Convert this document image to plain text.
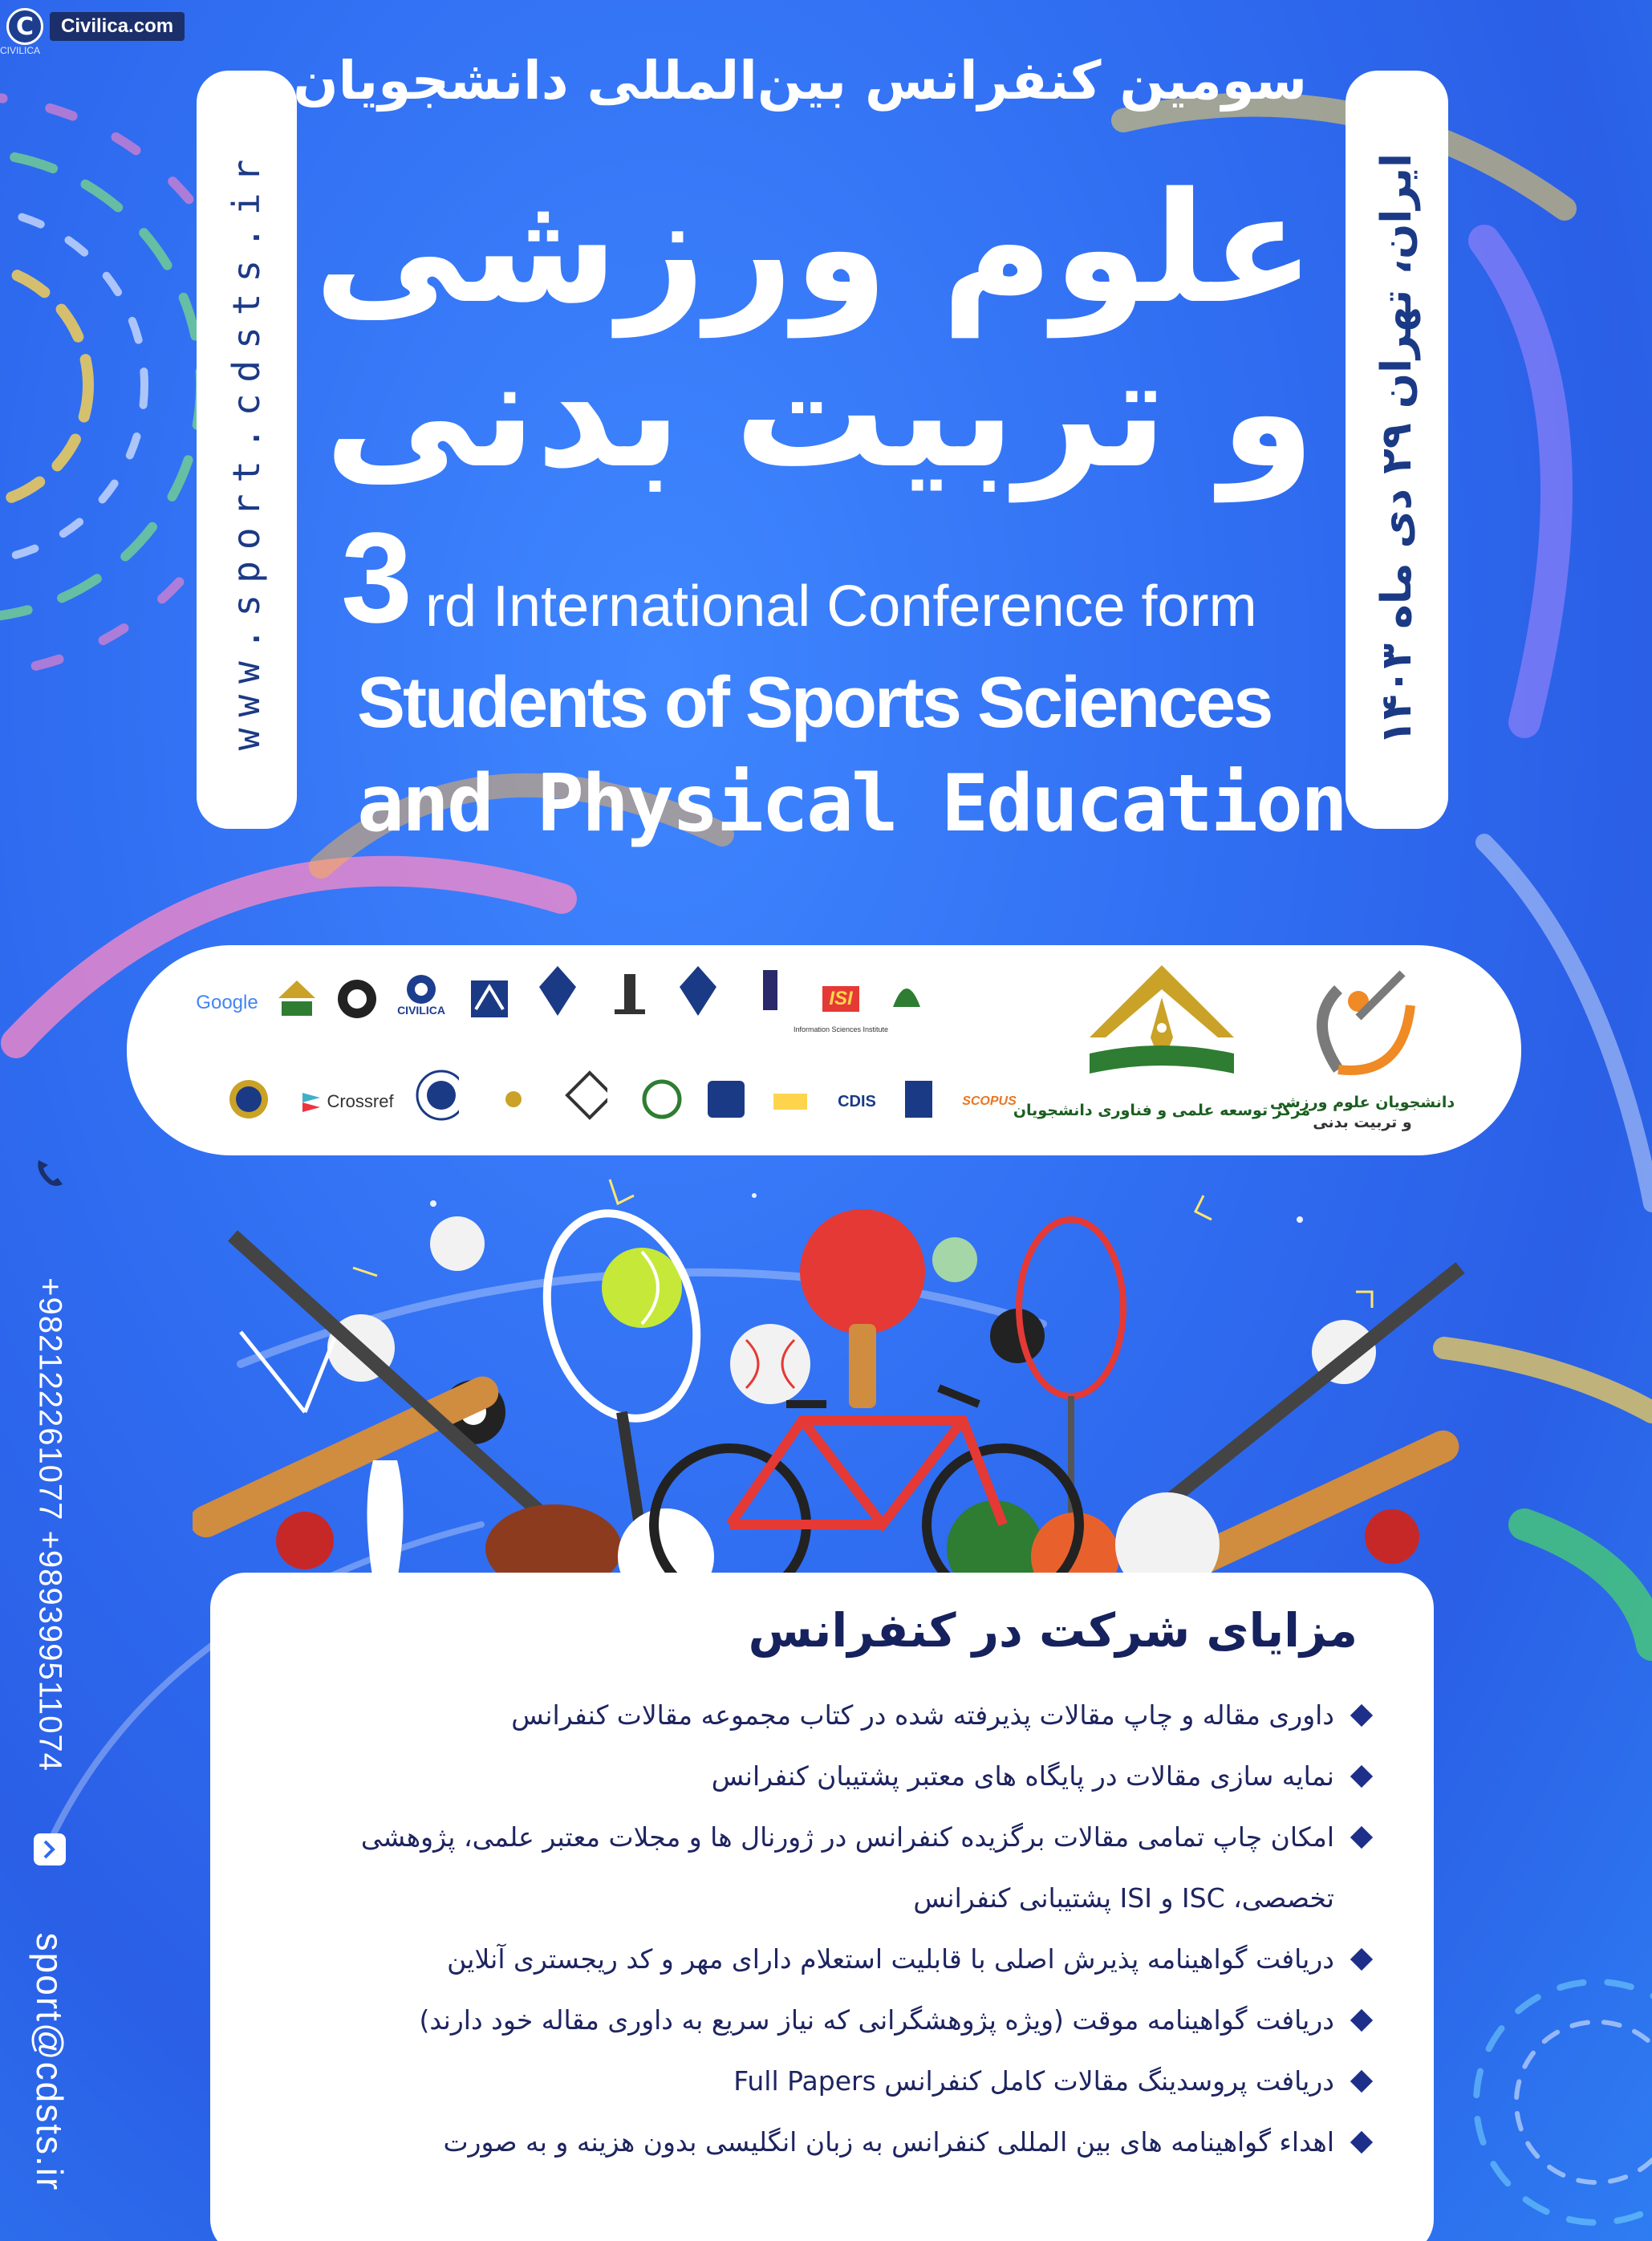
C	Civilica.com
CIVILICA
www.sport.cdsts.ir	ایران، تهران ۲۹ دی ماه ۱۴۰۳
سومین کنفرانس بین‌المللی دانشجویان
علوم ورزشی
و تربیت بدنی
3 rd International Conference form
Students of Sports Sciences
and Physical Education
دانشجویان علوم ورزشی
و تربیت بدنی
مرکز توسعه علمی و فناوری دانشجویان
Google	CIVILICA
ISI
Information Sciences Institute
Crossref	CDIS	SCOPUS
+982122261077 +989399511074
sport@cdsts.ir
مزایای شرکت در کنفرانس
داوری مقاله و چاپ مقالات پذیرفته شده در کتاب مجموعه مقالات کنفرانس
نمایه سازی مقالات در پایگاه های معتبر پشتیبان کنفرانس
امکان چاپ تمامی مقالات برگزیده کنفرانس در ژورنال ها و مجلات معتبر علمی، پژوهشی تخصصی، ISC و ISI پشتیبانی کنفرانس
دریافت گواهینامه پذیرش اصلی با قابلیت استعلام دارای مهر و کد ریجستری آنلاین
دریافت گواهینامه موقت (ویژه پژوهشگرانی که نیاز سریع به داوری مقاله خود دارند)
دریافت پروسدینگ مقالات کامل کنفرانس Full Papers
اهداء گواهینامه های بین المللی کنفرانس به زبان انگلیسی بدون هزینه و به صورت
